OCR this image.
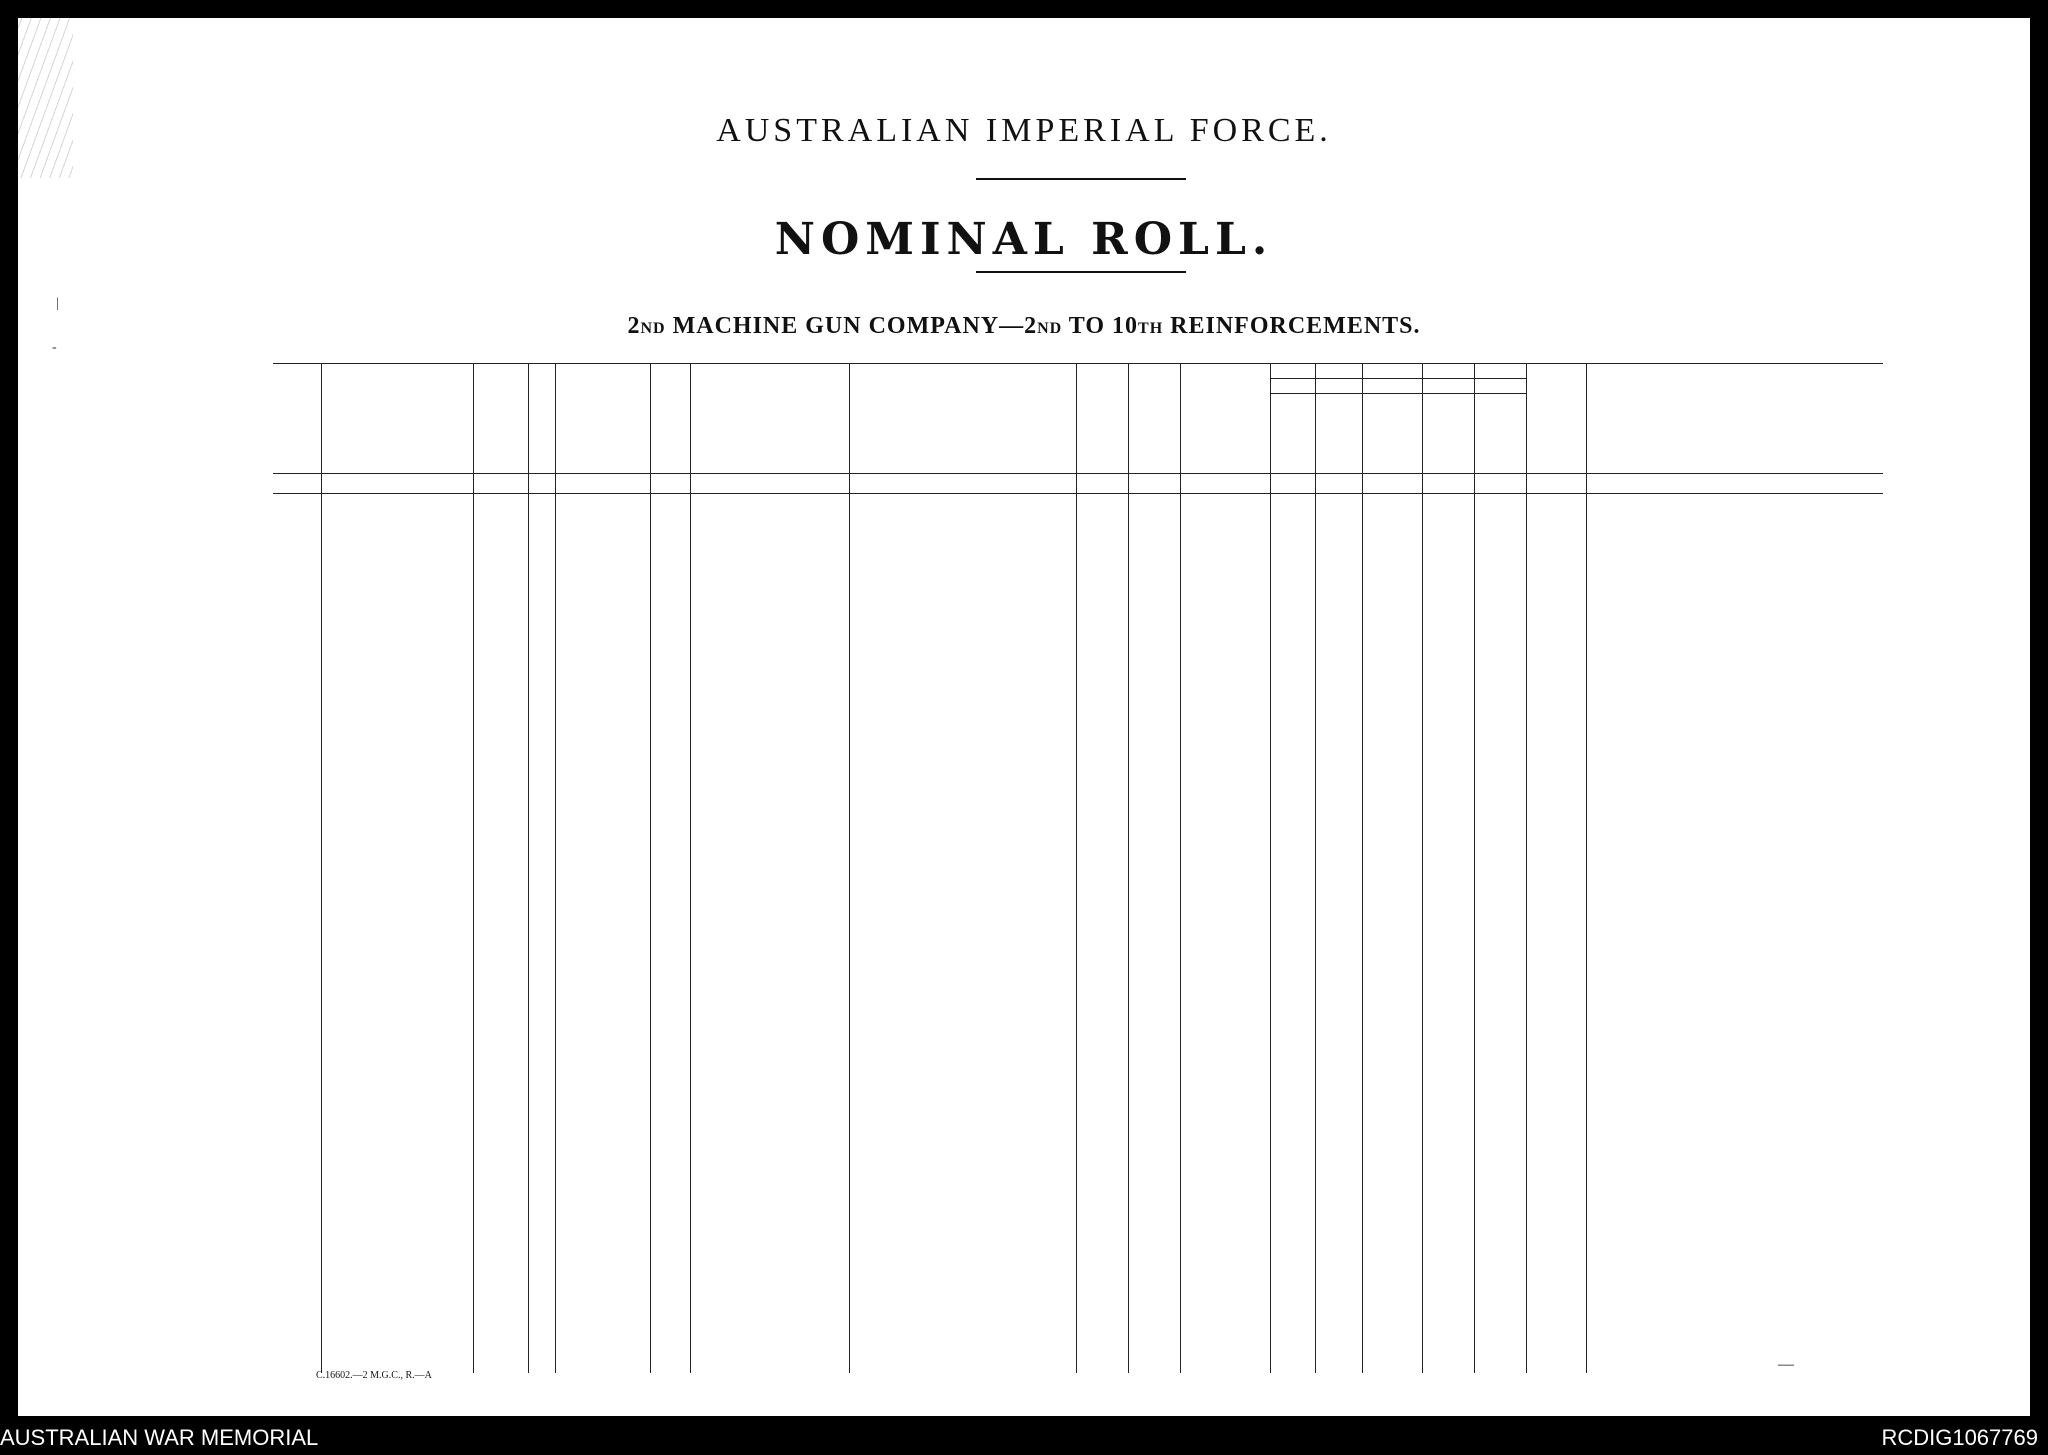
|
-
AUSTRALIAN IMPERIAL FORCE.
NOMINAL ROLL.
2ND MACHINE GUN COMPANY—2ND TO 10TH REINFORCEMENTS.
C.16602.—2 M.G.C., R.—A
—
AUSTRALIAN WAR MEMORIAL	RCDIG1067769
